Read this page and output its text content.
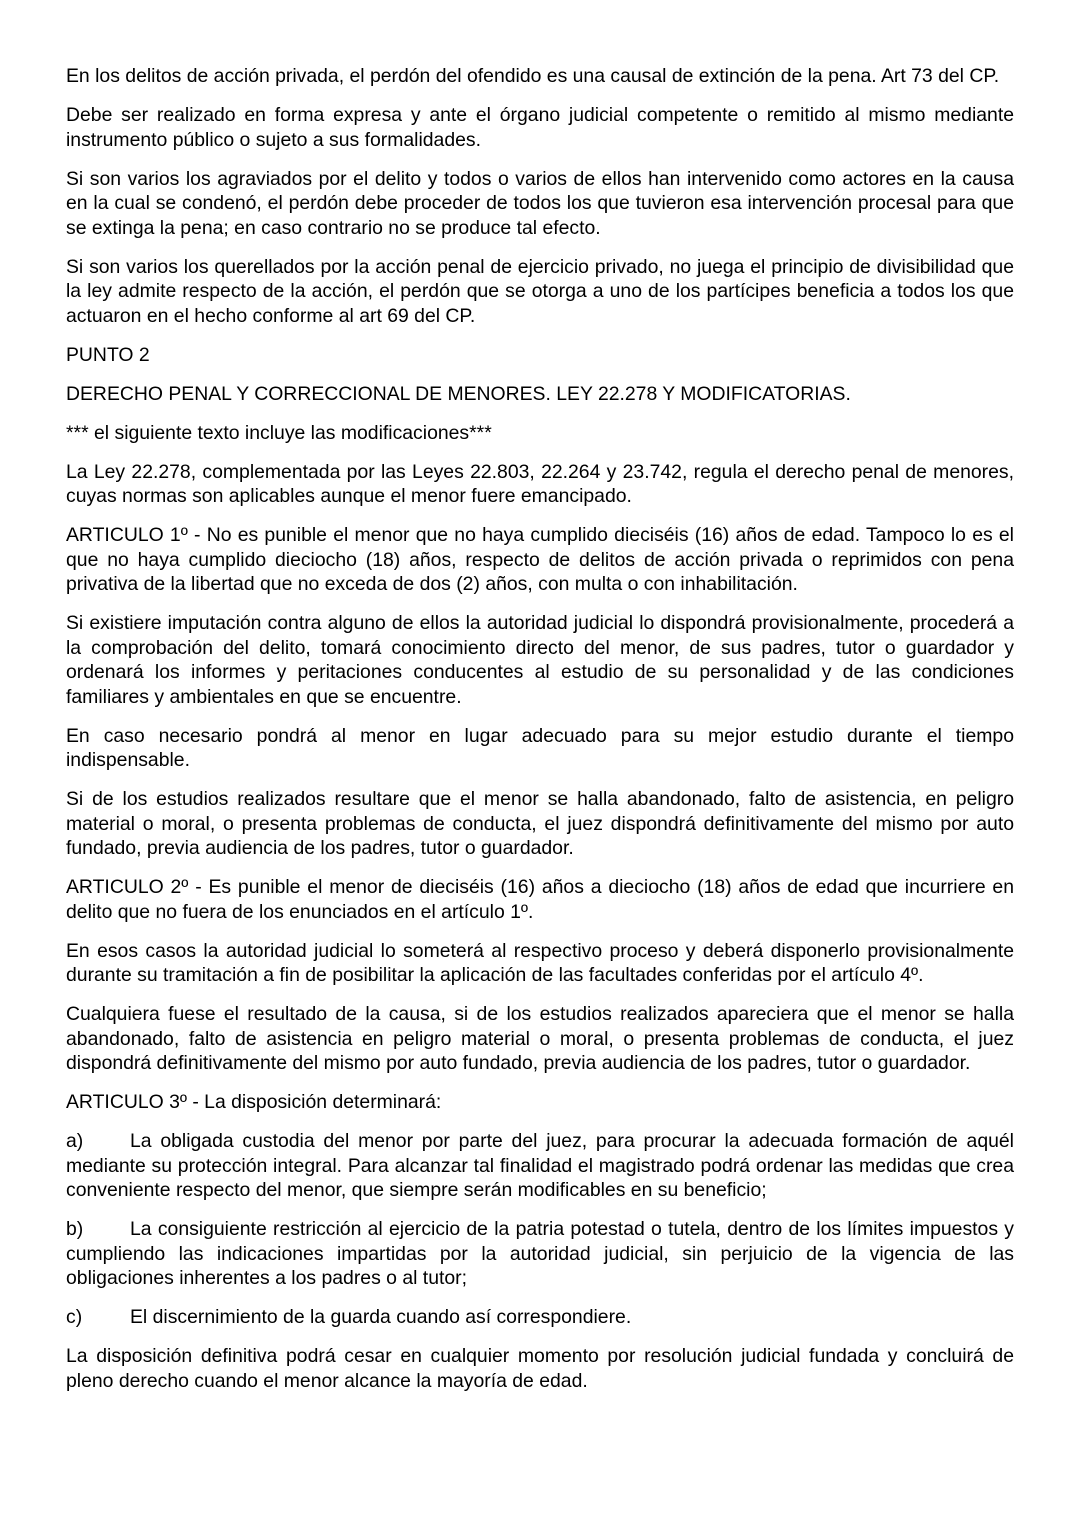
En los delitos de acción privada, el perdón del ofendido es una causal de extinción de la pena. Art 73 del CP.

Debe ser realizado en forma expresa y ante el órgano judicial competente o remitido al mismo mediante instrumento público o sujeto a sus formalidades.

Si son varios los agraviados por el delito y todos o varios de ellos han intervenido como actores en la causa en la cual se condenó, el perdón debe proceder de todos los que tuvieron esa intervención procesal para que se extinga la pena; en caso contrario no se produce tal efecto.

Si son varios los querellados por la acción penal de ejercicio privado, no juega el principio de divisibilidad que la ley admite respecto de la acción, el perdón que se otorga a uno de los partícipes beneficia a todos los que actuaron en el hecho conforme al art 69 del CP.

PUNTO 2

DERECHO PENAL Y CORRECCIONAL DE MENORES. LEY 22.278 Y MODIFICATORIAS.

*** el siguiente texto incluye las modificaciones***

La Ley 22.278, complementada por las Leyes 22.803, 22.264 y 23.742, regula el derecho penal de menores, cuyas normas son aplicables aunque el menor fuere emancipado.

ARTICULO 1º - No es punible el menor que no haya cumplido dieciséis (16) años de edad. Tampoco lo es el que no haya cumplido dieciocho (18) años, respecto de delitos de acción privada o reprimidos con pena privativa de la libertad que no exceda de dos (2) años, con multa o con inhabilitación.

Si existiere imputación contra alguno de ellos la autoridad judicial lo dispondrá provisionalmente, procederá a la comprobación del delito, tomará conocimiento directo del menor, de sus padres, tutor o guardador y ordenará los informes y peritaciones conducentes al estudio de su personalidad y de las condiciones familiares y ambientales en que se encuentre.

En caso necesario pondrá al menor en lugar adecuado para su mejor estudio durante el tiempo indispensable.

Si de los estudios realizados resultare que el menor se halla abandonado, falto de asistencia, en peligro material o moral, o presenta problemas de conducta, el juez dispondrá definitivamente del mismo por auto fundado, previa audiencia de los padres, tutor o guardador.

ARTICULO 2º - Es punible el menor de dieciséis (16) años a dieciocho (18) años de edad que incurriere en delito que no fuera de los enunciados en el artículo 1º.

En esos casos la autoridad judicial lo someterá al respectivo proceso y deberá disponerlo provisionalmente durante su tramitación a fin de posibilitar la aplicación de las facultades conferidas por el artículo 4º.

Cualquiera fuese el resultado de la causa, si de los estudios realizados apareciera que el menor se halla abandonado, falto de asistencia en peligro material o moral, o presenta problemas de conducta, el juez dispondrá definitivamente del mismo por auto fundado, previa audiencia de los padres, tutor o guardador.

ARTICULO 3º - La disposición determinará:

a) La obligada custodia del menor por parte del juez, para procurar la adecuada formación de aquél mediante su protección integral. Para alcanzar tal finalidad el magistrado podrá ordenar las medidas que crea conveniente respecto del menor, que siempre serán modificables en su beneficio;
b) La consiguiente restricción al ejercicio de la patria potestad o tutela, dentro de los límites impuestos y cumpliendo las indicaciones impartidas por la autoridad judicial, sin perjuicio de la vigencia de las obligaciones inherentes a los padres o al tutor;
c) El discernimiento de la guarda cuando así correspondiere.

La disposición definitiva podrá cesar en cualquier momento por resolución judicial fundada y concluirá de pleno derecho cuando el menor alcance la mayoría de edad.
